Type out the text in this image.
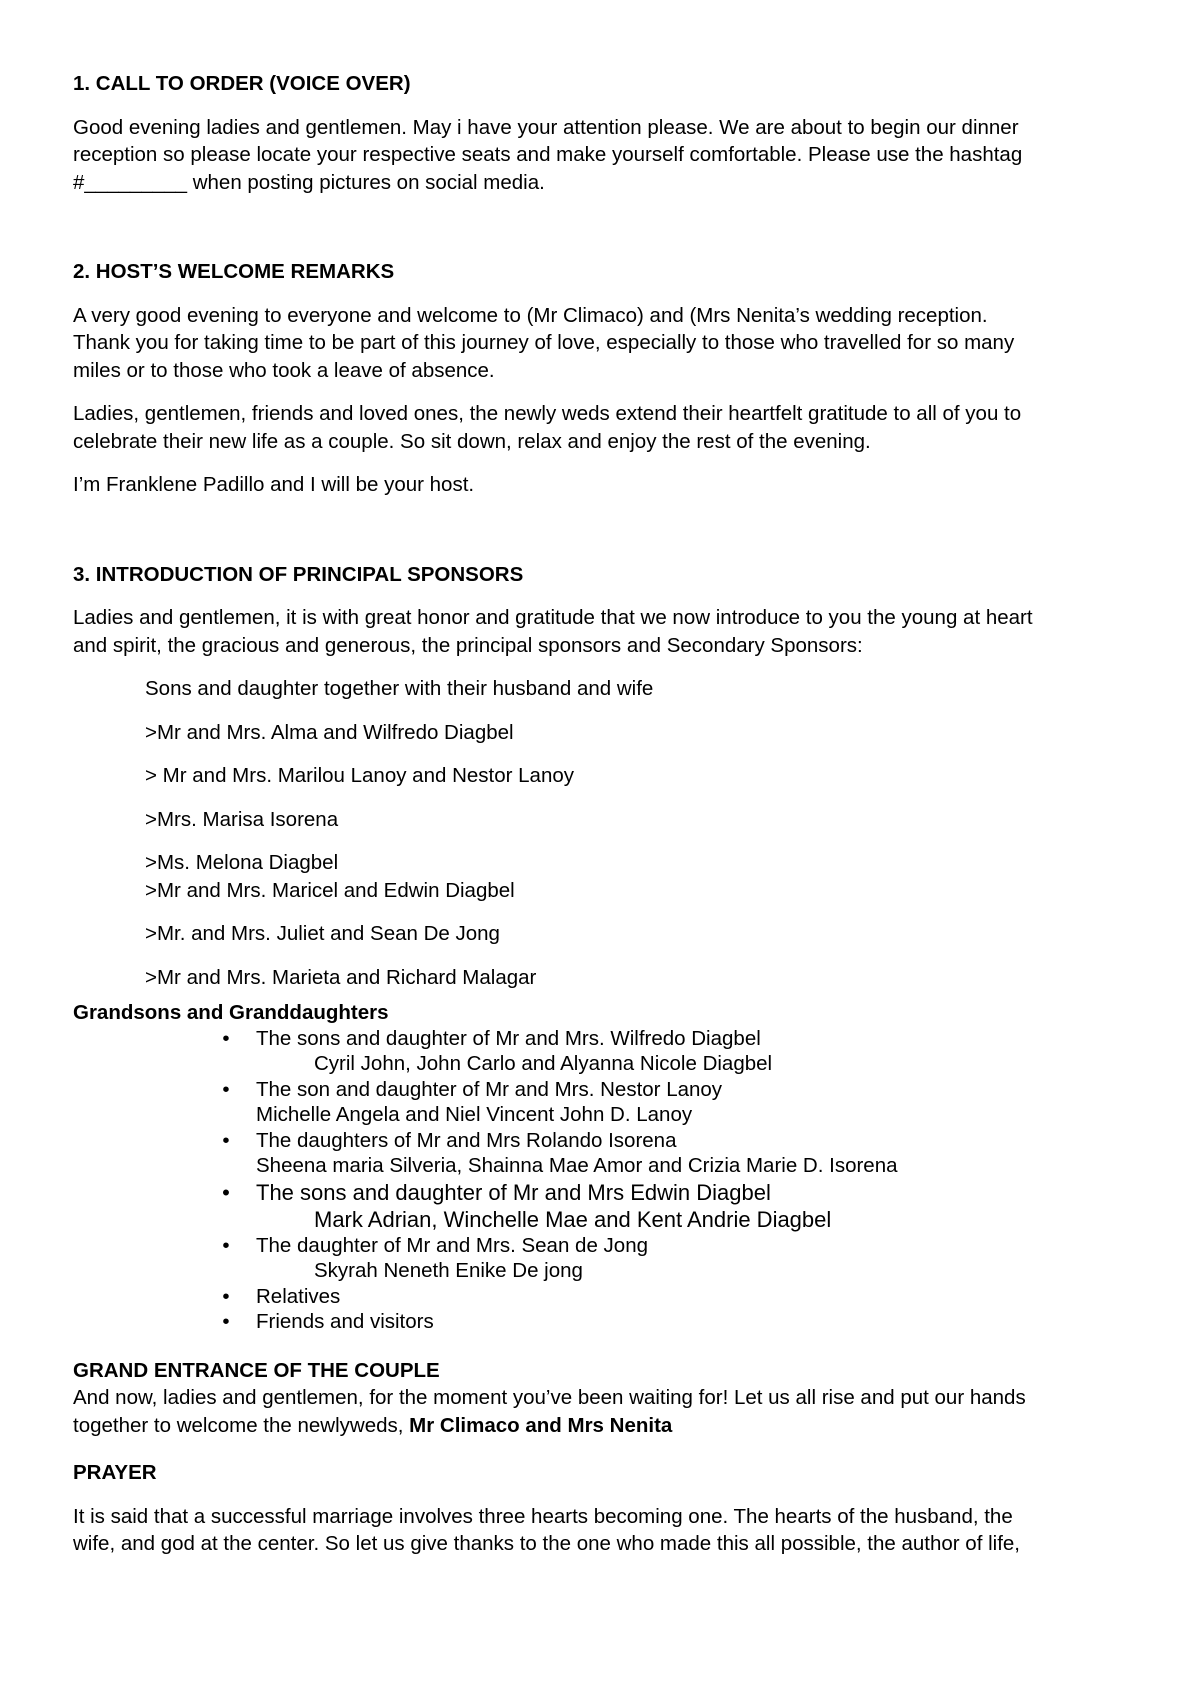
1. CALL TO ORDER (VOICE OVER)

Good evening ladies and gentlemen. May i have your attention please. We are about to begin our dinner

reception so please locate your respective seats and make yourself comfortable. Please use the hashtag

#_________ when posting pictures on social media.

2. HOST’S WELCOME REMARKS

A very good evening to everyone and welcome to (Mr Climaco) and (Mrs Nenita’s wedding reception.

Thank you for taking time to be part of this journey of love, especially to those who travelled for so many

miles or to those who took a leave of absence.

Ladies, gentlemen, friends and loved ones, the newly weds extend their heartfelt gratitude to all of you to

celebrate their new life as a couple. So sit down, relax and enjoy the rest of the evening.

I’m Franklene Padillo and I will be your host.

3. INTRODUCTION OF PRINCIPAL SPONSORS

Ladies and gentlemen, it is with great honor and gratitude that we now introduce to you the young at heart

and spirit, the gracious and generous, the principal sponsors and Secondary Sponsors:

Sons and daughter together with their husband and wife

>Mr and Mrs. Alma and Wilfredo Diagbel

> Mr and Mrs. Marilou Lanoy and Nestor Lanoy

>Mrs. Marisa Isorena

>Ms. Melona Diagbel

>Mr and Mrs. Maricel and Edwin Diagbel

>Mr. and Mrs. Juliet and Sean De Jong

>Mr and Mrs. Marieta and Richard Malagar

Grandsons and Granddaughters

•	The sons and daughter of Mr and Mrs. Wilfredo Diagbel
Cyril John, John Carlo and Alyanna Nicole Diagbel
•	The son and daughter of Mr and Mrs. Nestor Lanoy
Michelle Angela and Niel Vincent John D. Lanoy
•	The daughters of Mr and Mrs Rolando Isorena
Sheena maria Silveria, Shainna Mae Amor and Crizia Marie D. Isorena
• The sons and daughter of Mr and Mrs Edwin Diagbel
Mark Adrian, Winchelle Mae and Kent Andrie Diagbel
•	The daughter of Mr and Mrs. Sean de Jong
Skyrah Neneth Enike De jong
•	Relatives
•	Friends and visitors

GRAND ENTRANCE OF THE COUPLE

And now, ladies and gentlemen, for the moment you’ve been waiting for! Let us all rise and put our hands

together to welcome the newlyweds, Mr Climaco and Mrs Nenita

PRAYER

It is said that a successful marriage involves three hearts becoming one. The hearts of the husband, the

wife, and god at the center. So let us give thanks to the one who made this all possible, the author of life,
